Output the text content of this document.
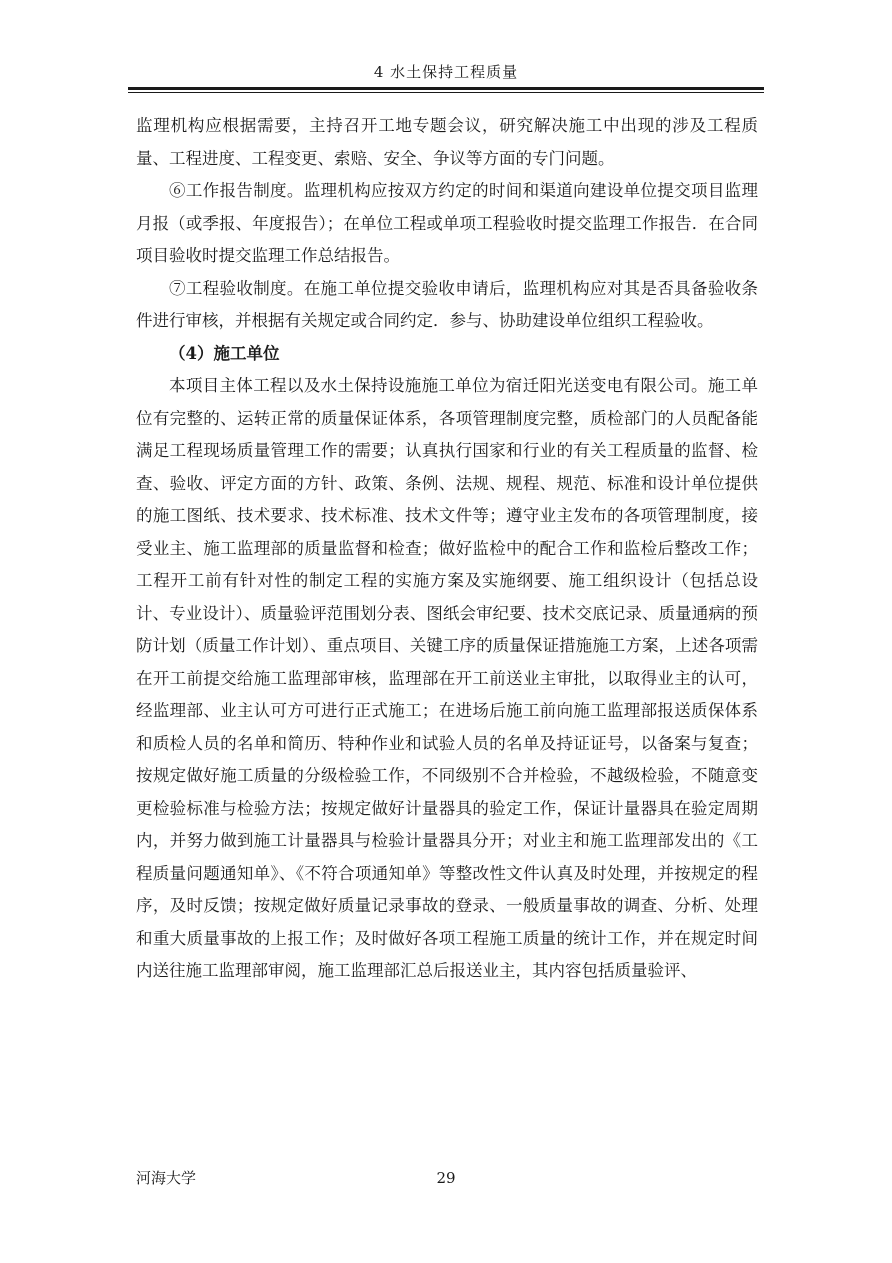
4 水土保持工程质量

监理机构应根据需要，主持召开工地专题会议，研究解决施工中出现的涉及工程质量、工程进度、工程变更、索赔、安全、争议等方面的专门问题。

⑥工作报告制度。监理机构应按双方约定的时间和渠道向建设单位提交项目监理月报（或季报、年度报告）；在单位工程或单项工程验收时提交监理工作报告．在合同项目验收时提交监理工作总结报告。

⑦工程验收制度。在施工单位提交验收申请后，监理机构应对其是否具备验收条件进行审核，并根据有关规定或合同约定．参与、协助建设单位组织工程验收。

（4）施工单位

本项目主体工程以及水土保持设施施工单位为宿迁阳光送变电有限公司。施工单位有完整的、运转正常的质量保证体系，各项管理制度完整，质检部门的人员配备能满足工程现场质量管理工作的需要；认真执行国家和行业的有关工程质量的监督、检查、验收、评定方面的方针、政策、条例、法规、规程、规范、标准和设计单位提供的施工图纸、技术要求、技术标准、技术文件等；遵守业主发布的各项管理制度，接受业主、施工监理部的质量监督和检查；做好监检中的配合工作和监检后整改工作；工程开工前有针对性的制定工程的实施方案及实施纲要、施工组织设计（包括总设计、专业设计）、质量验评范围划分表、图纸会审纪要、技术交底记录、质量通病的预防计划（质量工作计划）、重点项目、关键工序的质量保证措施施工方案，上述各项需在开工前提交给施工监理部审核，监理部在开工前送业主审批，以取得业主的认可，经监理部、业主认可方可进行正式施工；在进场后施工前向施工监理部报送质保体系和质检人员的名单和简历、特种作业和试验人员的名单及持证证号，以备案与复查；按规定做好施工质量的分级检验工作，不同级别不合并检验，不越级检验，不随意变更检验标准与检验方法；按规定做好计量器具的验定工作，保证计量器具在验定周期内，并努力做到施工计量器具与检验计量器具分开；对业主和施工监理部发出的《工程质量问题通知单》、《不符合项通知单》等整改性文件认真及时处理，并按规定的程序，及时反馈；按规定做好质量记录事故的登录、一般质量事故的调查、分析、处理和重大质量事故的上报工作；及时做好各项工程施工质量的统计工作，并在规定时间内送往施工监理部审阅，施工监理部汇总后报送业主，其内容包括质量验评、

河海大学	29
